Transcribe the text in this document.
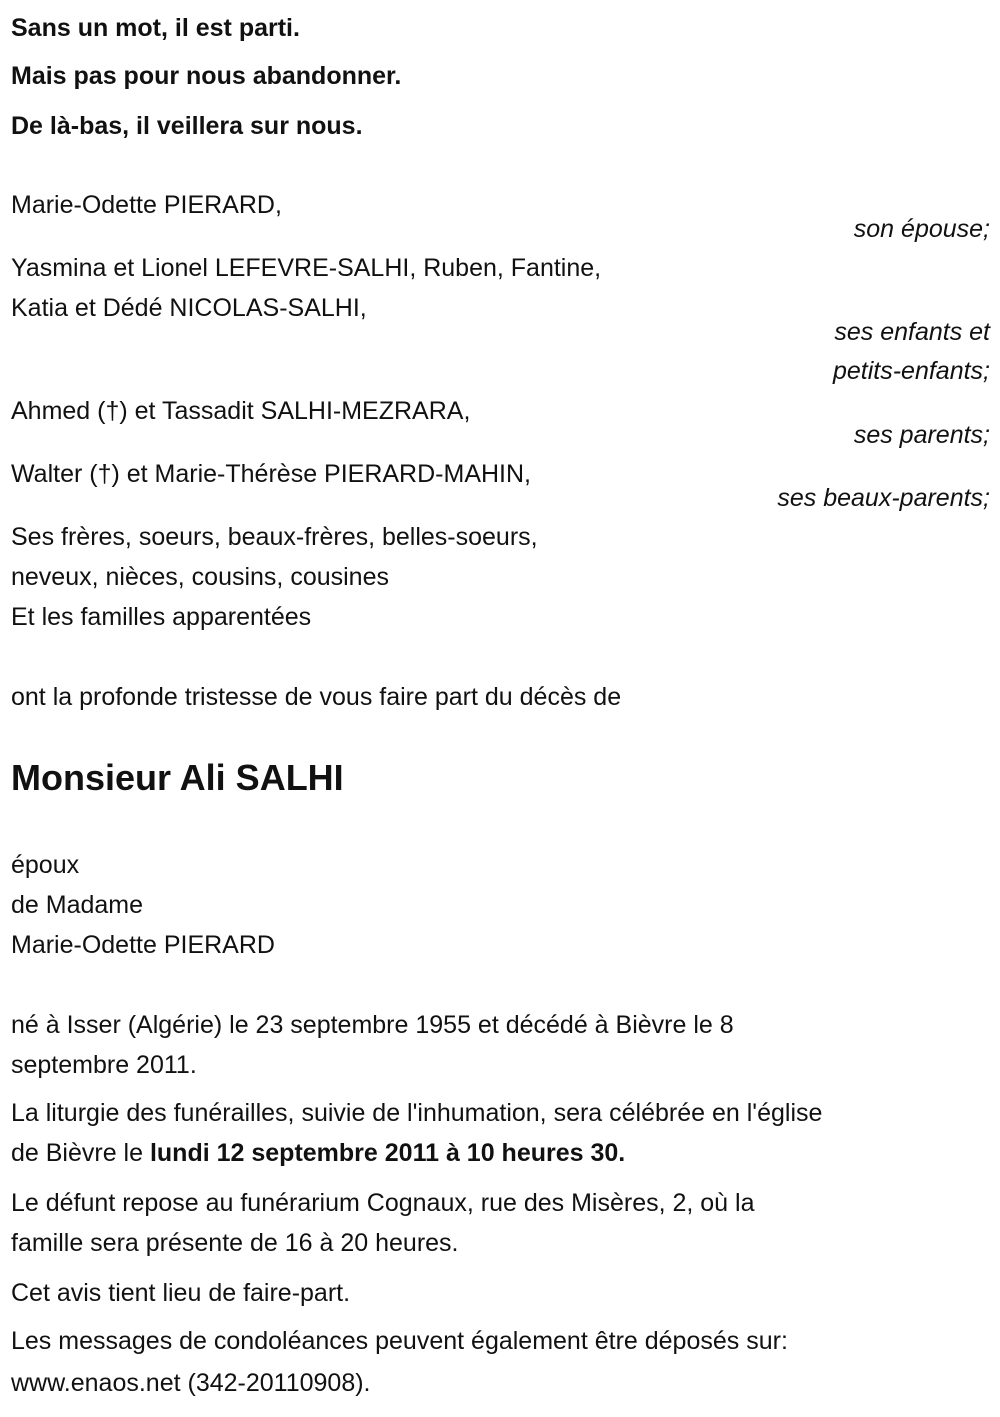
Sans un mot, il est parti.
Mais pas pour nous abandonner.
De là-bas, il veillera sur nous.
Marie-Odette PIERARD,
son épouse;
Yasmina et Lionel LEFEVRE-SALHI, Ruben, Fantine,
Katia et Dédé NICOLAS-SALHI,
ses enfants et
petits-enfants;
Ahmed (†) et Tassadit SALHI-MEZRARA,
ses parents;
Walter (†) et Marie-Thérèse PIERARD-MAHIN,
ses beaux-parents;
Ses frères, soeurs, beaux-frères, belles-soeurs,
neveux, nièces, cousins, cousines
Et les familles apparentées
ont la profonde tristesse de vous faire part du décès de
Monsieur Ali SALHI
époux
de Madame
Marie-Odette PIERARD
né à Isser (Algérie) le 23 septembre 1955 et décédé à Bièvre le 8
septembre 2011.
La liturgie des funérailles, suivie de l'inhumation, sera célébrée en l'église
de Bièvre le lundi 12 septembre 2011 à 10 heures 30.
Le défunt repose au funérarium Cognaux, rue des Misères, 2, où la
famille sera présente de 16 à 20 heures.
Cet avis tient lieu de faire-part.
Les messages de condoléances peuvent également être déposés sur:
www.enaos.net (342-20110908).
